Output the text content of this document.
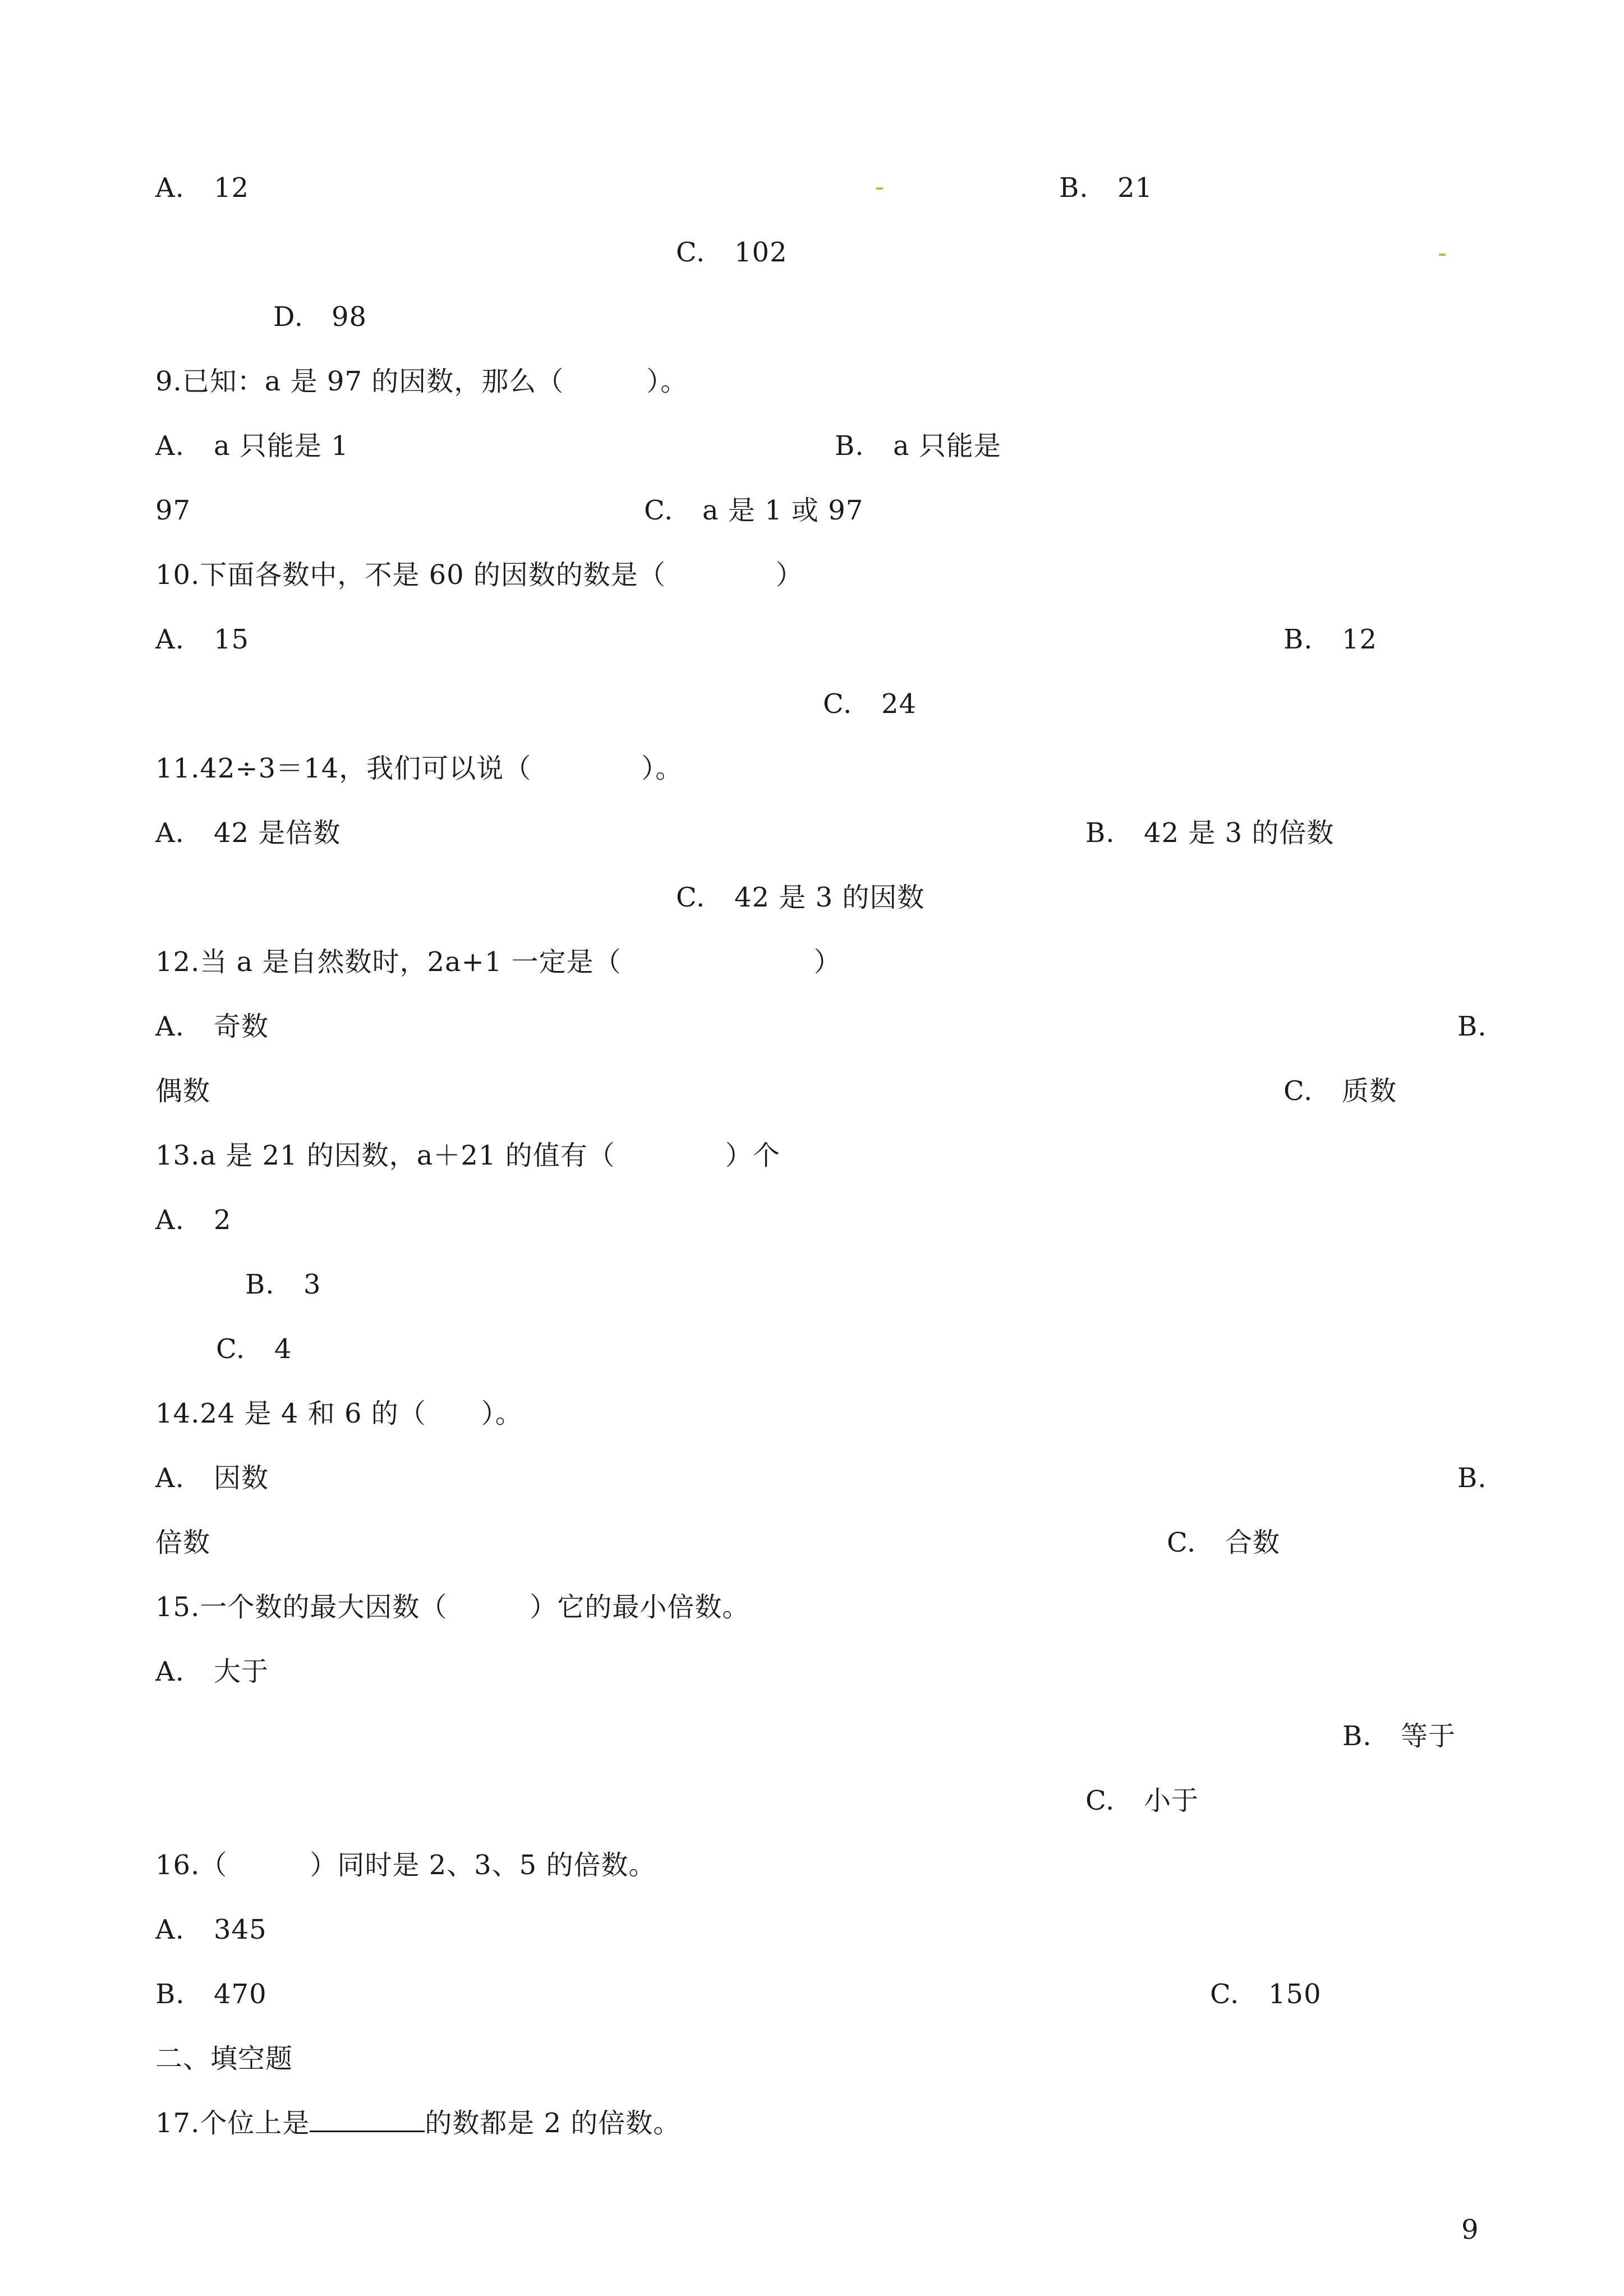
A. 12	B. 21
C. 102
D. 98
9.已知：a 是 97 的因数，那么（　　　）。
A. a 只能是 1	B. a 只能是
97	C. a 是 1 或 97
10.下面各数中，不是 60 的因数的数是（　　　　）
A. 15	B. 12
C. 24
11.42÷3＝14，我们可以说（　　　　）。
A. 42 是倍数	B. 42 是 3 的倍数
C. 42 是 3 的因数
12.当 a 是自然数时，2a+1 一定是（　　　　　　　）
A. 奇数	B.
偶数	C. 质数
13.a 是 21 的因数，a＋21 的值有（　　　　）个
A. 2
B. 3
C. 4
14.24 是 4 和 6 的（　　）。
A. 因数	B.
倍数	C. 合数
15.一个数的最大因数（　　　）它的最小倍数。
A. 大于
B. 等于
C. 小于
16.（　　　）同时是 2、3、5 的倍数。
A. 345
B. 470	C. 150
二、填空题
17.个位上是	的数都是 2 的倍数。
9
